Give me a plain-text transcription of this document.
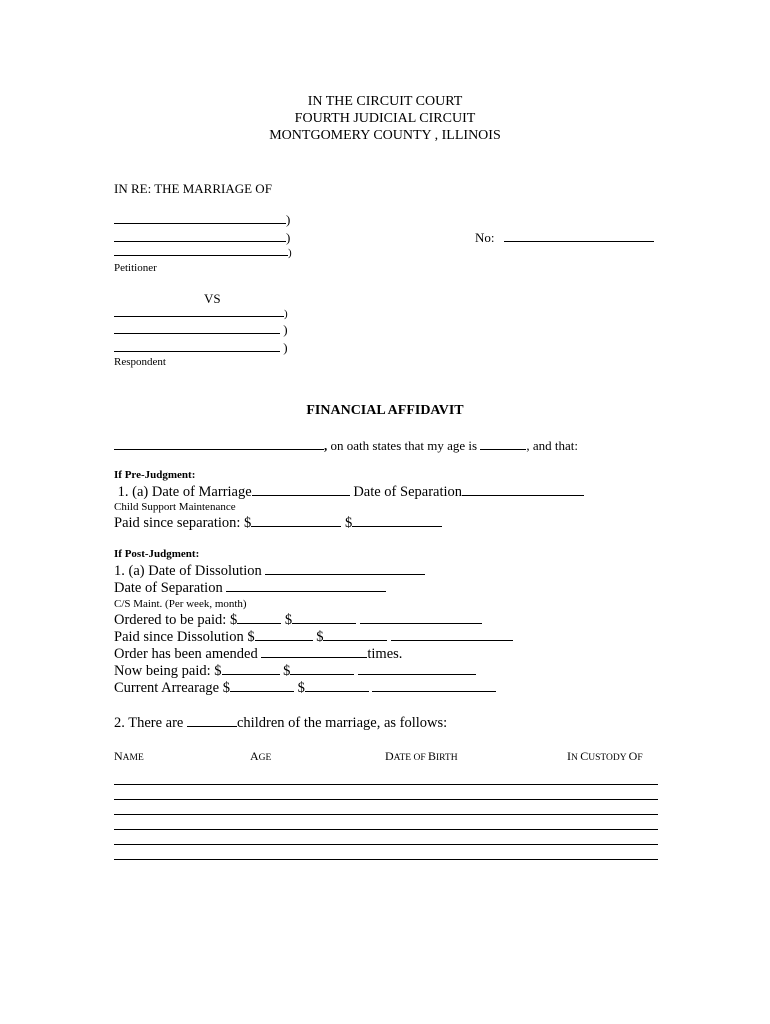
IN THE CIRCUIT COURT
FOURTH JUDICIAL CIRCUIT
MONTGOMERY COUNTY , ILLINOIS
IN RE: THE MARRIAGE OF
)
)
)
Petitioner
No:
VS
)
)
)
Respondent
FINANCIAL AFFIDAVIT
, on oath states that my age is	, and that:
If Pre-Judgment:
1. (a) Date of Marriage	Date of Separation
Child Support Maintenance
Paid since separation: $	$
If Post-Judgment:
1. (a) Date of Dissolution
Date of Separation
C/S Maint. (Per week, month)
Ordered to be paid: $	$
Paid since Dissolution $	$
Order has been amended	times.
Now being paid: $	$
Current Arrearage $	$
2. There are	children of the marriage, as follows:
NAME	AGE	DATE OF BIRTH	IN CUSTODY OF
